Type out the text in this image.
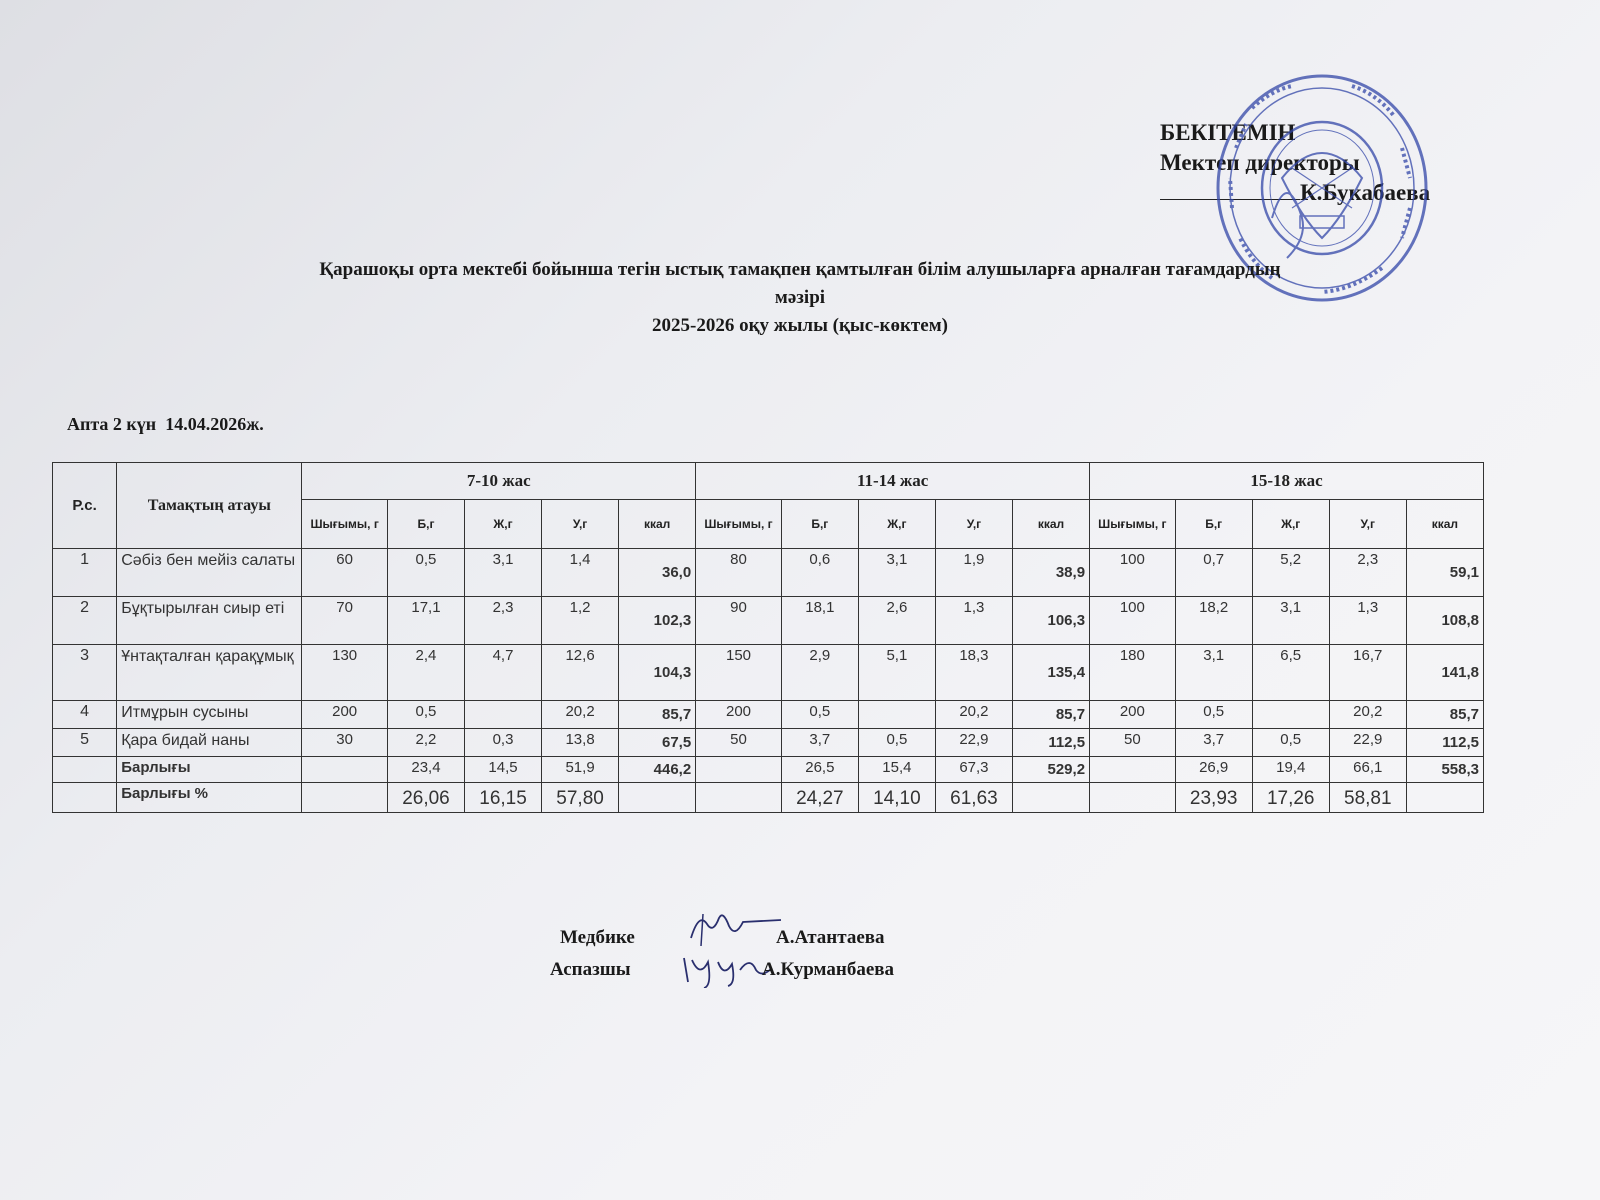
БЕКІТЕМІН
Мектеп директоры
К.Букабаева
Қарашоқы орта мектебі бойынша тегін ыстық тамақпен қамтылған білім алушыларға арналған тағамдардың
мәзірі
2025-2026 оқу жылы (қыс-көктем)
Апта 2 күн 14.04.2026ж.
Р.с.	Тамақтың атауы	7-10 жас					11-14 жас					15-18 жас				
		Шығымы, г	Б,г	Ж,г	У,г	ккал	Шығымы, г	Б,г	Ж,г	У,г	ккал	Шығымы, г	Б,г	Ж,г	У,г	ккал
1	Сәбіз бен мейіз салаты	60	0,5	3,1	1,4	36,0	80	0,6	3,1	1,9	38,9	100	0,7	5,2	2,3	59,1
2	Бұқтырылған сиыр еті	70	17,1	2,3	1,2	102,3	90	18,1	2,6	1,3	106,3	100	18,2	3,1	1,3	108,8
3	Ұнтақталған қарақұмық	130	2,4	4,7	12,6	104,3	150	2,9	5,1	18,3	135,4	180	3,1	6,5	16,7	141,8
4	Итмұрын сусыны	200	0,5		20,2	85,7	200	0,5		20,2	85,7	200	0,5		20,2	85,7
5	Қара бидай наны	30	2,2	0,3	13,8	67,5	50	3,7	0,5	22,9	112,5	50	3,7	0,5	22,9	112,5
	Барлығы		23,4	14,5	51,9	446,2		26,5	15,4	67,3	529,2		26,9	19,4	66,1	558,3
	Барлығы %		26,06	16,15	57,80			24,27	14,10	61,63			23,93	17,26	58,81	
Медбике	А.Атантаева
Аспазшы	А.Курманбаева
